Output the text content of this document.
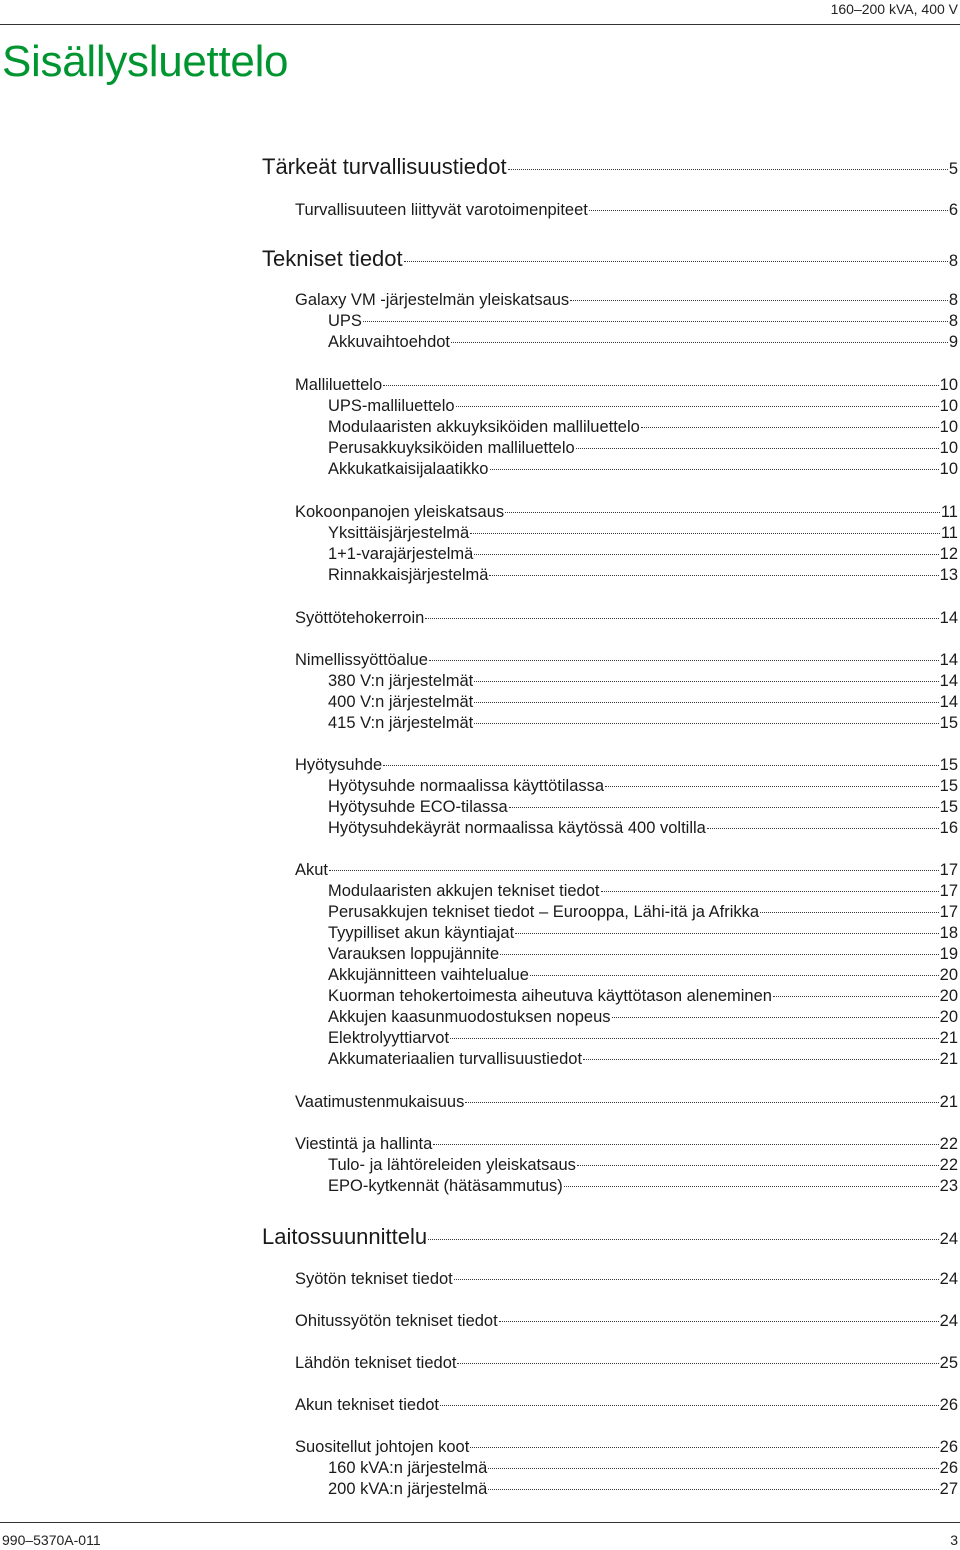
160–200 kVA, 400 V
Sisällysluettelo
Tärkeät turvallisuustiedot	5
Turvallisuuteen liittyvät varotoimenpiteet	6
Tekniset tiedot	8
Galaxy VM -järjestelmän yleiskatsaus	8
UPS	8
Akkuvaihtoehdot	9
Malliluettelo	10
UPS-malliluettelo	10
Modulaaristen akkuyksiköiden malliluettelo	10
Perusakkuyksiköiden malliluettelo	10
Akkukatkaisijalaatikko	10
Kokoonpanojen yleiskatsaus	11
Yksittäisjärjestelmä	11
1+1-varajärjestelmä	12
Rinnakkaisjärjestelmä	13
Syöttötehokerroin	14
Nimellissyöttöalue	14
380 V:n järjestelmät	14
400 V:n järjestelmät	14
415 V:n järjestelmät	15
Hyötysuhde	15
Hyötysuhde normaalissa käyttötilassa	15
Hyötysuhde ECO-tilassa	15
Hyötysuhdekäyrät normaalissa käytössä 400 voltilla	16
Akut	17
Modulaaristen akkujen tekniset tiedot	17
Perusakkujen tekniset tiedot – Eurooppa, Lähi-itä ja Afrikka	17
Tyypilliset akun käyntiajat	18
Varauksen loppujännite	19
Akkujännitteen vaihtelualue	20
Kuorman tehokertoimesta aiheutuva käyttötason aleneminen	20
Akkujen kaasunmuodostuksen nopeus	20
Elektrolyyttiarvot	21
Akkumateriaalien turvallisuustiedot	21
Vaatimustenmukaisuus	21
Viestintä ja hallinta	22
Tulo- ja lähtöreleiden yleiskatsaus	22
EPO-kytkennät (hätäsammutus)	23
Laitossuunnittelu	24
Syötön tekniset tiedot	24
Ohitussyötön tekniset tiedot	24
Lähdön tekniset tiedot	25
Akun tekniset tiedot	26
Suositellut johtojen koot	26
160 kVA:n järjestelmä	26
200 kVA:n järjestelmä	27
990–5370A-011	3
